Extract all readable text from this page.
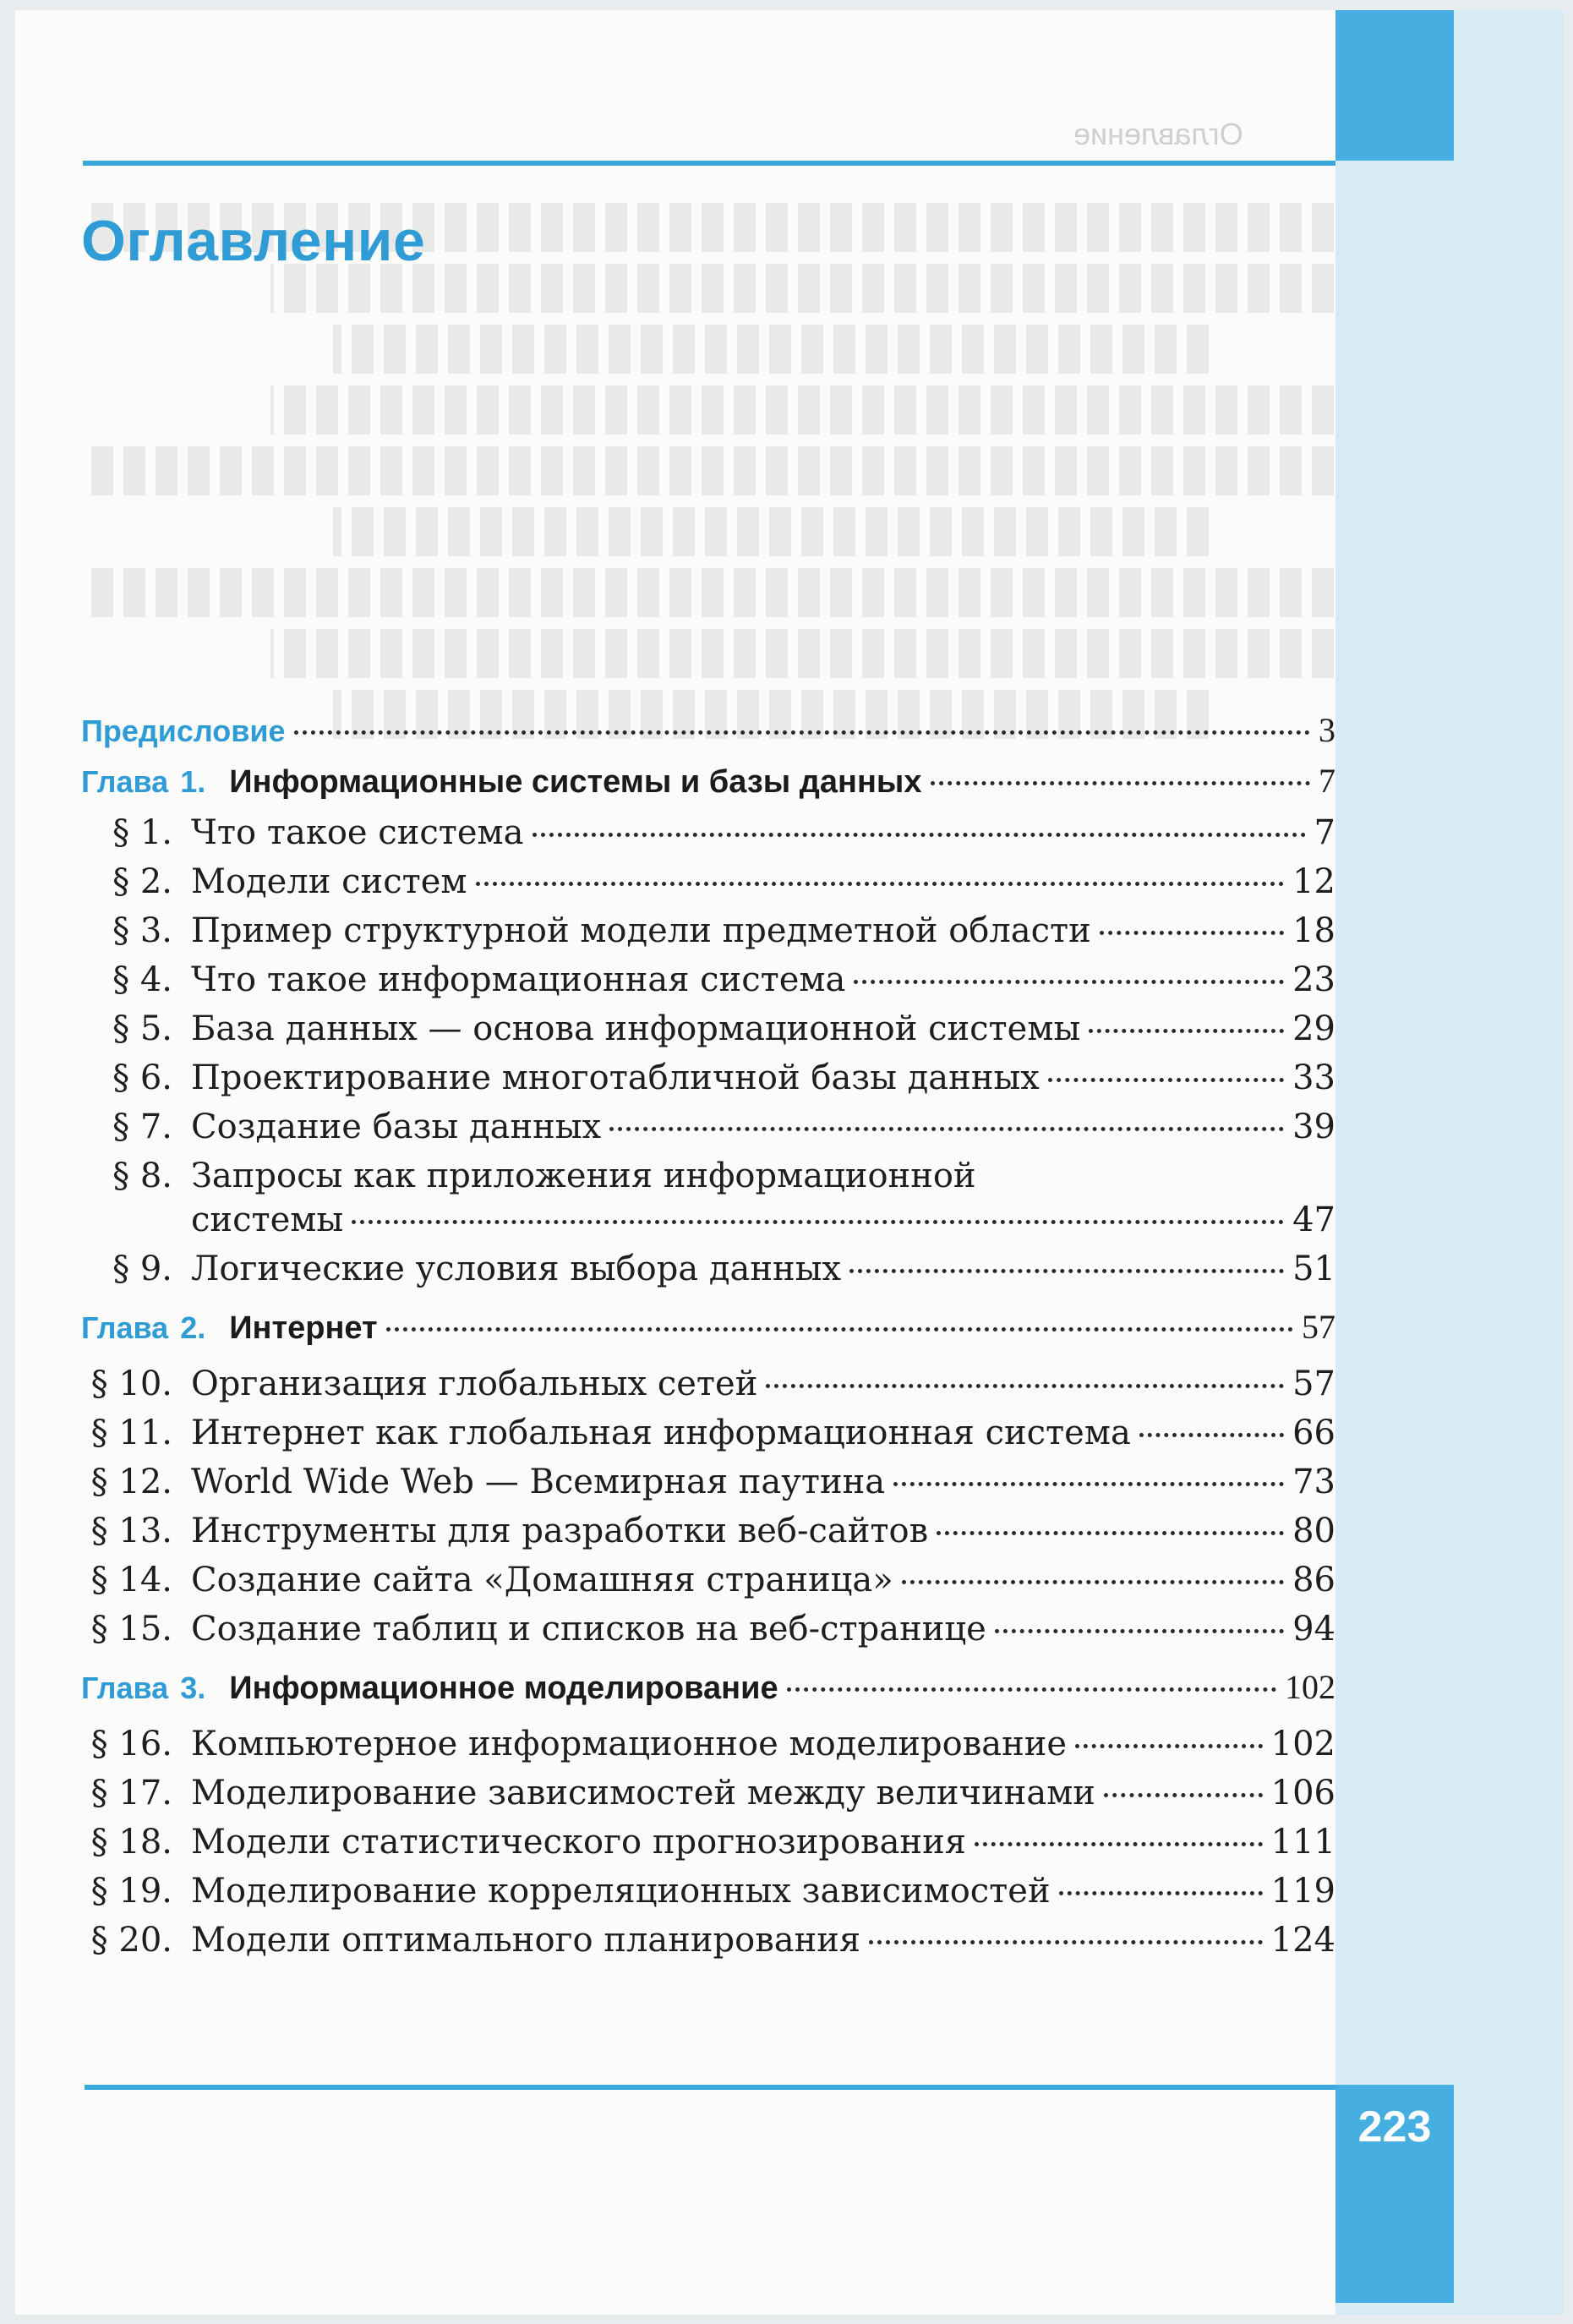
Оглавление
Оглавление
Предисловие	3
Глава 1. Информационные системы и базы данных	7
§ 1. Что такое система	7
§ 2. Модели систем	12
§ 3. Пример структурной модели предметной области	18
§ 4. Что такое информационная система	23
§ 5. База данных — основа информационной системы	29
§ 6. Проектирование многотабличной базы данных	33
§ 7. Создание базы данных	39
§ 8. Запросы как приложения информационной
системы	47
§ 9. Логические условия выбора данных	51
Глава 2. Интернет	57
§ 10. Организация глобальных сетей	57
§ 11. Интернет как глобальная информационная система	66
§ 12. World Wide Web — Всемирная паутина	73
§ 13. Инструменты для разработки веб-сайтов	80
§ 14. Создание сайта «Домашняя страница»	86
§ 15. Создание таблиц и списков на веб-странице	94
Глава 3. Информационное моделирование	102
§ 16. Компьютерное информационное моделирование	102
§ 17. Моделирование зависимостей между величинами	106
§ 18. Модели статистического прогнозирования	111
§ 19. Моделирование корреляционных зависимостей	119
§ 20. Модели оптимального планирования	124
223
